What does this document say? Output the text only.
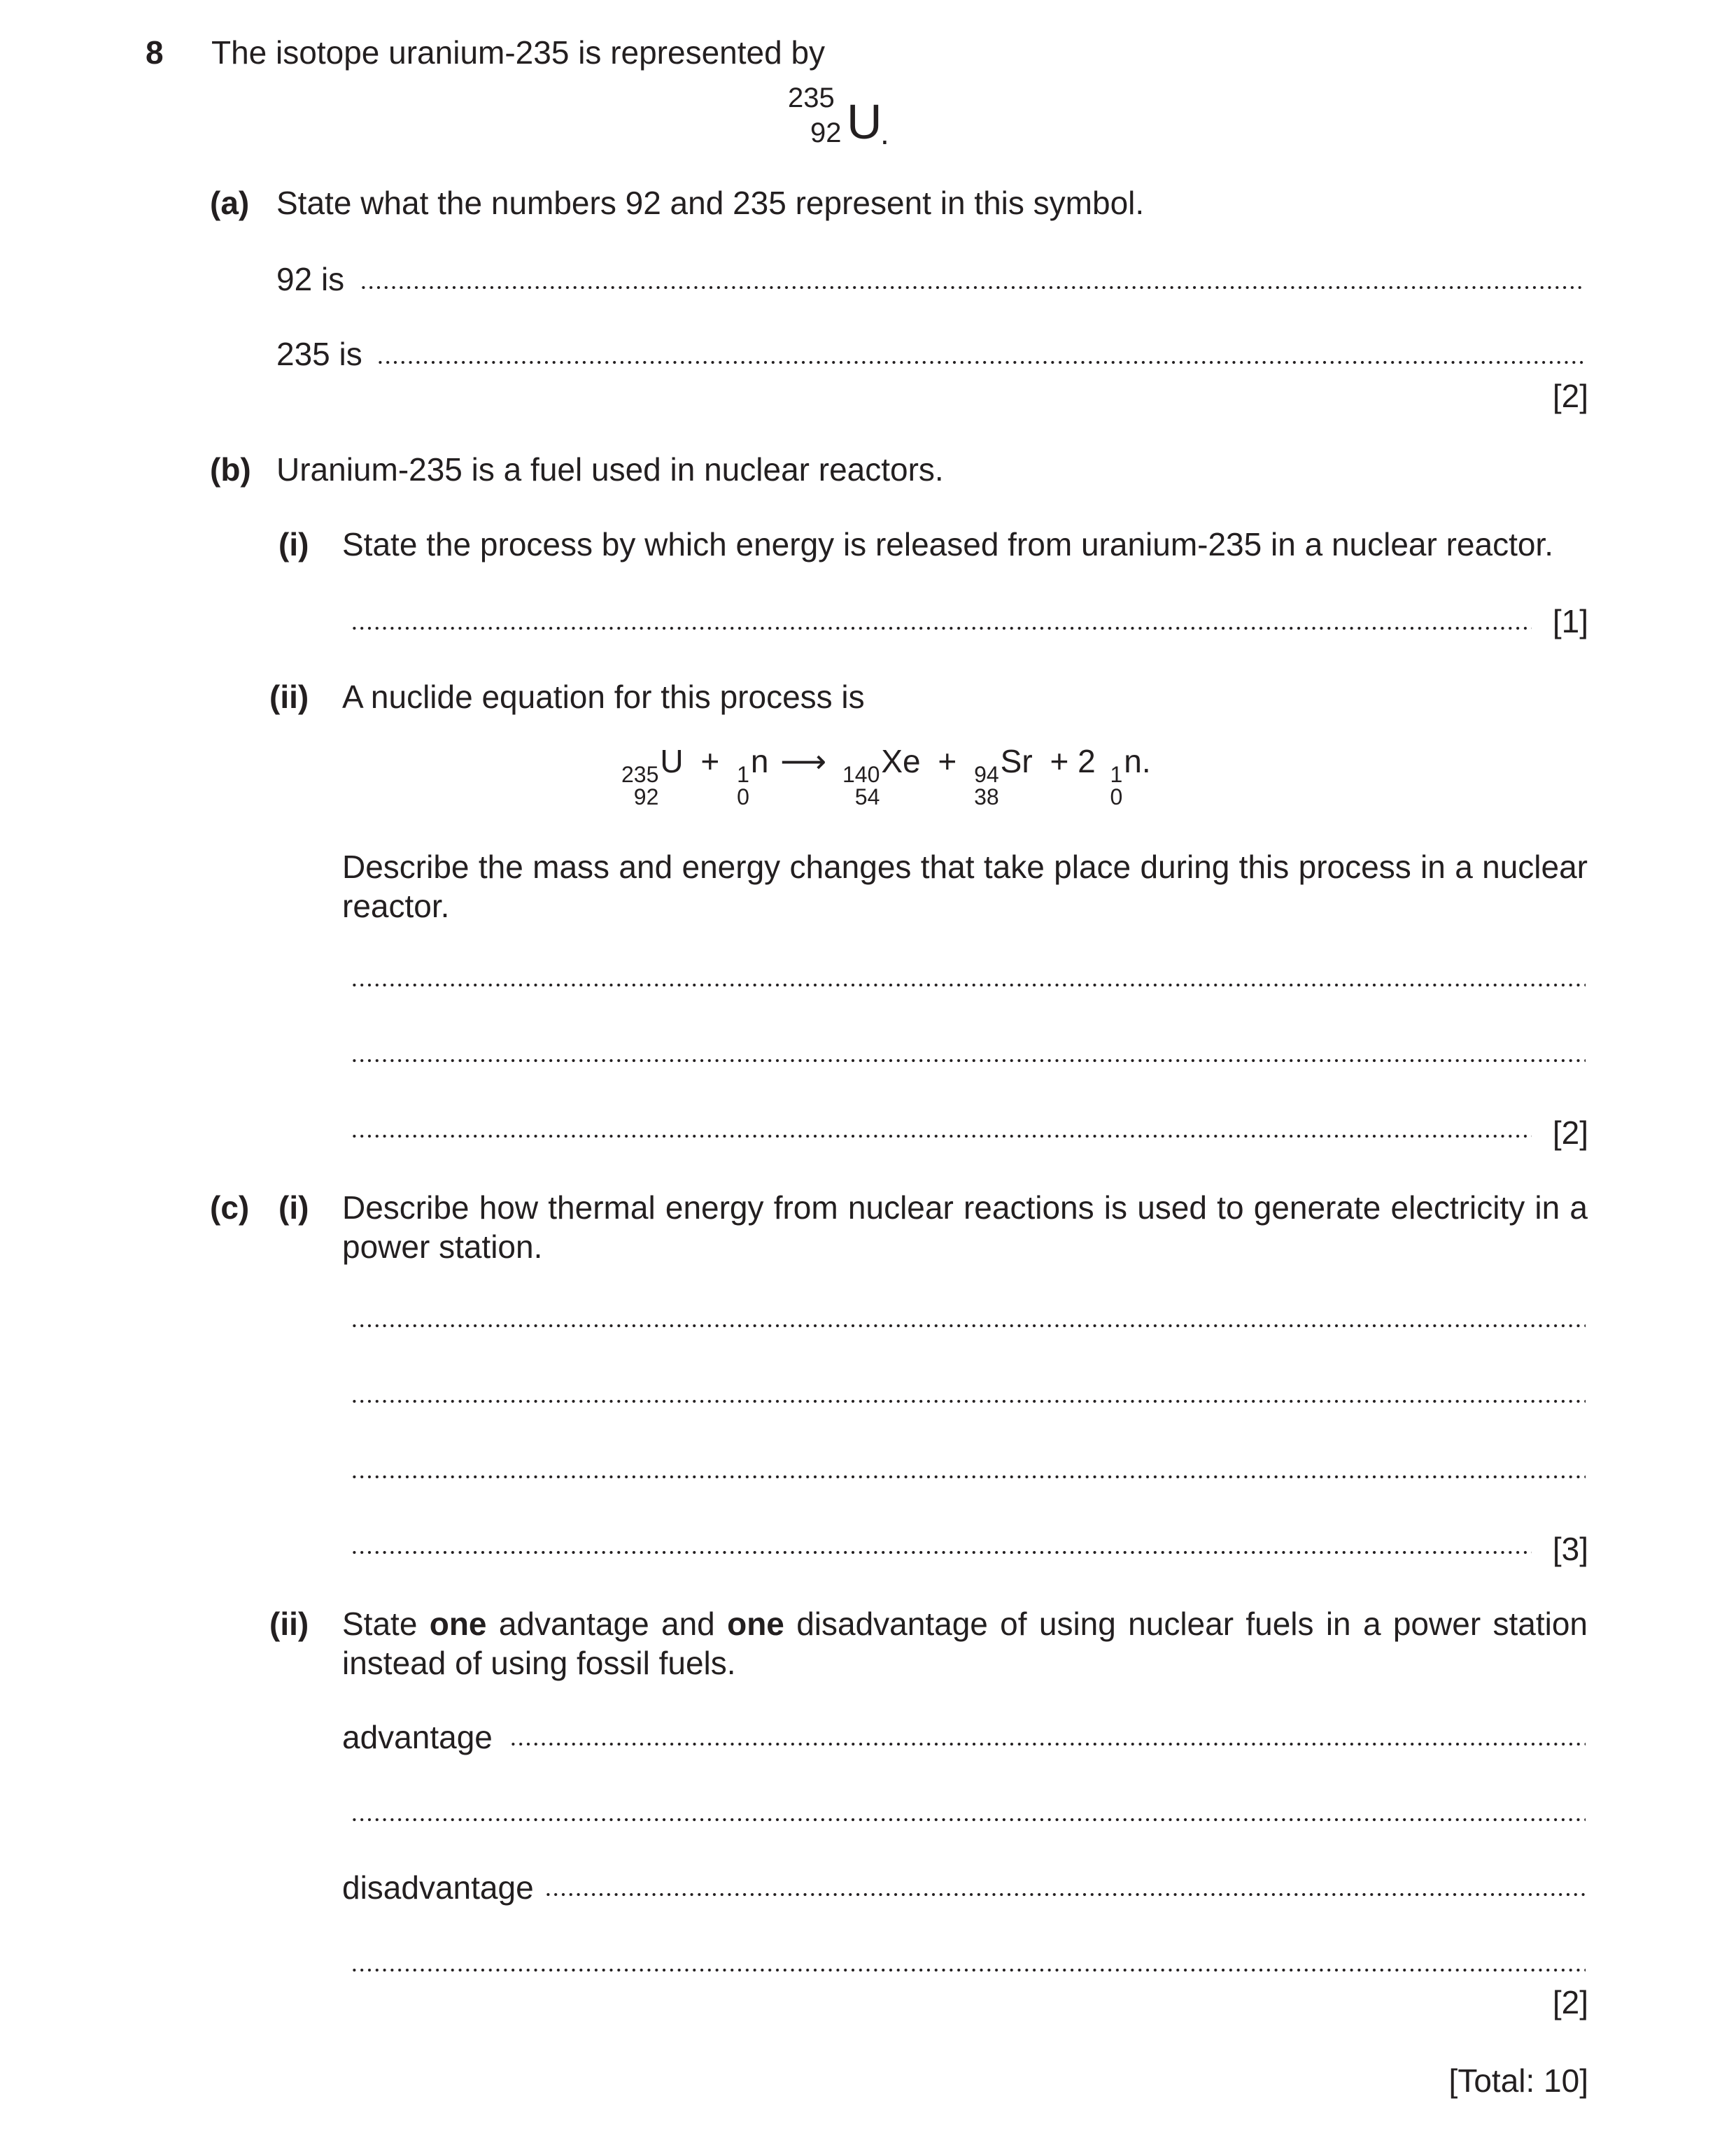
8 The isotope uranium-235 is represented by
235
92 U
.
(a) State what the numbers 92 and 235 represent in this symbol.
92 is
235 is
[2]
(b) Uranium-235 is a fuel used in nuclear reactors.
(i) State the process by which energy is released from uranium-235 in a nuclear reactor.
[1]
(ii) A nuclide equation for this process is
235
92
U + 1
0
n ⟶ 140
54
Xe + 94
38
Sr + 2 1
0
n.
Describe the mass and energy changes that take place during this process in a nuclear reactor.
[2]
(c) (i) Describe how thermal energy from nuclear reactions is used to generate electricity in a power station.
[3]
(ii) State one advantage and one disadvantage of using nuclear fuels in a power station instead of using fossil fuels.
advantage
disadvantage
[2]
[Total: 10]
